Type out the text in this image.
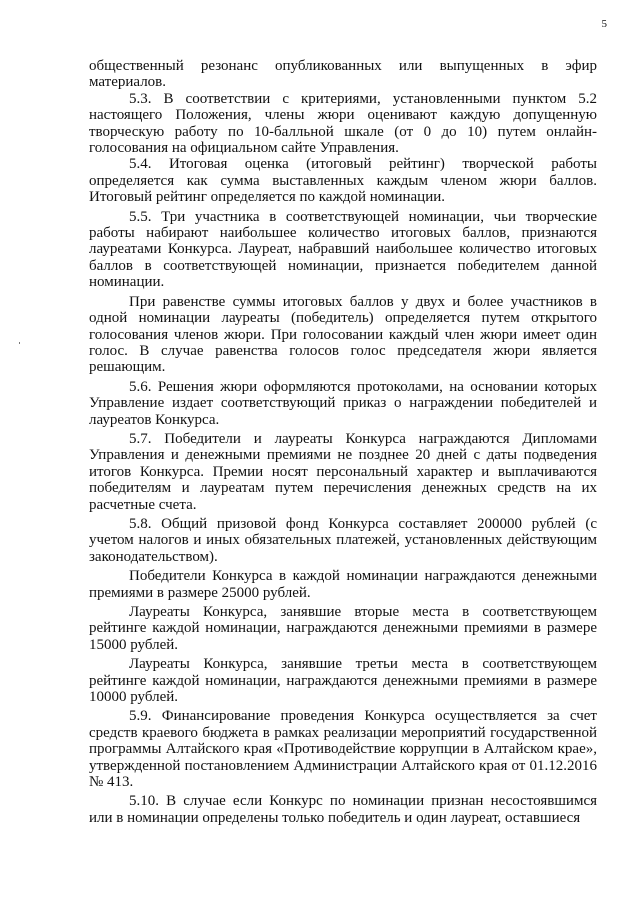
5

общественный резонанс опубликованных или выпущенных в эфир материалов.

5.3. В соответствии с критериями, установленными пунктом 5.2 настоящего Положения, члены жюри оценивают каждую допущенную творческую работу по 10-балльной шкале (от 0 до 10) путем онлайн-голосования на официальном сайте Управления.

5.4. Итоговая оценка (итоговый рейтинг) творческой работы определяется как сумма выставленных каждым членом жюри баллов. Итоговый рейтинг определяется по каждой номинации.

5.5. Три участника в соответствующей номинации, чьи творческие работы набирают наибольшее количество итоговых баллов, признаются лауреатами Конкурса. Лауреат, набравший наибольшее количество итоговых баллов в соответствующей номинации, признается победителем данной номинации.

При равенстве суммы итоговых баллов у двух и более участников в одной номинации лауреаты (победитель) определяется путем открытого голосования членов жюри. При голосовании каждый член жюри имеет один голос. В случае равенства голосов голос председателя жюри является решающим.

5.6. Решения жюри оформляются протоколами, на основании которых Управление издает соответствующий приказ о награждении победителей и лауреатов Конкурса.

5.7. Победители и лауреаты Конкурса награждаются Дипломами Управления и денежными премиями не позднее 20 дней с даты подведения итогов Конкурса. Премии носят персональный характер и выплачиваются победителям и лауреатам путем перечисления денежных средств на их расчетные счета.

5.8. Общий призовой фонд Конкурса составляет 200000 рублей (с учетом налогов и иных обязательных платежей, установленных действующим законодательством).

Победители Конкурса в каждой номинации награждаются денежными премиями в размере 25000 рублей.

Лауреаты Конкурса, занявшие вторые места в соответствующем рейтинге каждой номинации, награждаются денежными премиями в размере 15000 рублей.

Лауреаты Конкурса, занявшие третьи места в соответствующем рейтинге каждой номинации, награждаются денежными премиями в размере 10000 рублей.

5.9. Финансирование проведения Конкурса осуществляется за счет средств краевого бюджета в рамках реализации мероприятий государственной программы Алтайского края «Противодействие коррупции в Алтайском крае», утвержденной постановлением Администрации Алтайского края от 01.12.2016 № 413.

5.10. В случае если Конкурс по номинации признан несостоявшимся или в номинации определены только победитель и один лауреат, оставшиеся
